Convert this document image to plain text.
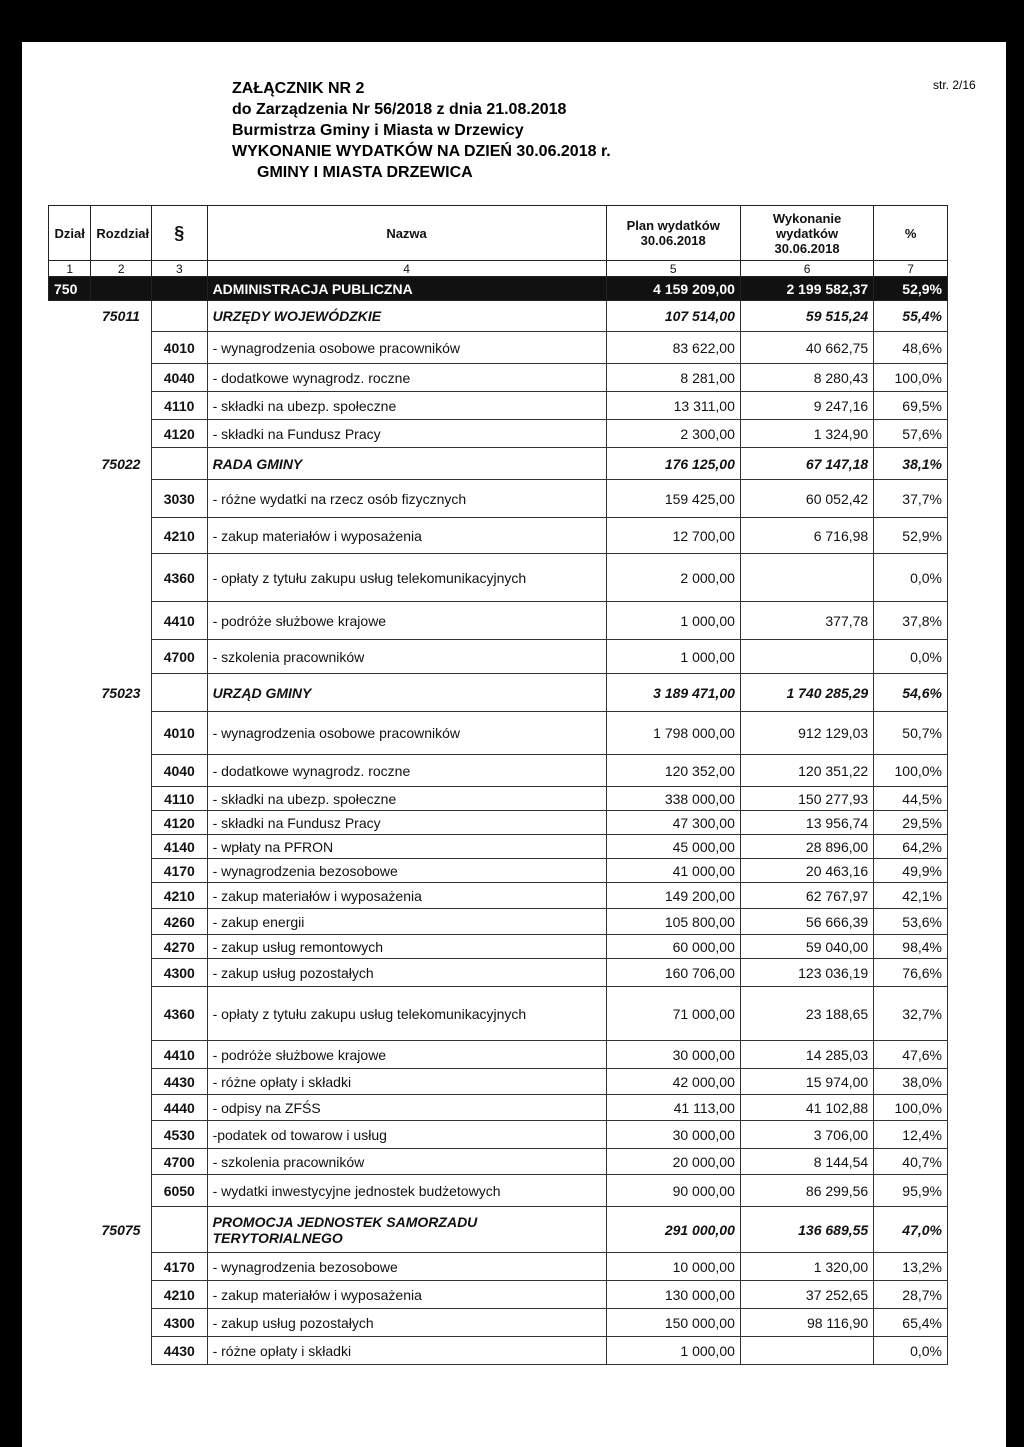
ZAŁĄCZNIK NR 2
do Zarządzenia Nr 56/2018 z dnia 21.08.2018
Burmistrza Gminy i Miasta w Drzewicy
WYKONANIE WYDATKÓW NA DZIEŃ 30.06.2018 r.
GMINY I MIASTA DRZEWICA
str. 2/16
Dział	Rozdział	§	Nazwa	Plan wydatków 30.06.2018	Wykonanie wydatków 30.06.2018	%
1	2	3	4	5	6	7
750			ADMINISTRACJA PUBLICZNA	4 159 209,00	2 199 582,37	52,9%
	75011		URZĘDY WOJEWÓDZKIE	107 514,00	59 515,24	55,4%
		4010	- wynagrodzenia osobowe pracowników	83 622,00	40 662,75	48,6%
		4040	- dodatkowe wynagrodz. roczne	8 281,00	8 280,43	100,0%
		4110	- składki na ubezp. społeczne	13 311,00	9 247,16	69,5%
		4120	- składki na Fundusz Pracy	2 300,00	1 324,90	57,6%
	75022		RADA GMINY	176 125,00	67 147,18	38,1%
		3030	- różne wydatki na rzecz osób fizycznych	159 425,00	60 052,42	37,7%
		4210	- zakup materiałów i wyposażenia	12 700,00	6 716,98	52,9%
		4360	- opłaty z tytułu zakupu usług telekomunikacyjnych	2 000,00		0,0%
		4410	- podróże służbowe krajowe	1 000,00	377,78	37,8%
		4700	- szkolenia pracowników	1 000,00		0,0%
	75023		URZĄD GMINY	3 189 471,00	1 740 285,29	54,6%
		4010	- wynagrodzenia osobowe pracowników	1 798 000,00	912 129,03	50,7%
		4040	- dodatkowe wynagrodz. roczne	120 352,00	120 351,22	100,0%
		4110	- składki na ubezp. społeczne	338 000,00	150 277,93	44,5%
		4120	- składki na Fundusz Pracy	47 300,00	13 956,74	29,5%
		4140	- wpłaty na PFRON	45 000,00	28 896,00	64,2%
		4170	- wynagrodzenia bezosobowe	41 000,00	20 463,16	49,9%
		4210	- zakup materiałów i wyposażenia	149 200,00	62 767,97	42,1%
		4260	- zakup energii	105 800,00	56 666,39	53,6%
		4270	- zakup usług remontowych	60 000,00	59 040,00	98,4%
		4300	- zakup usług pozostałych	160 706,00	123 036,19	76,6%
		4360	- opłaty z tytułu zakupu usług telekomunikacyjnych	71 000,00	23 188,65	32,7%
		4410	- podróże służbowe krajowe	30 000,00	14 285,03	47,6%
		4430	- różne opłaty i składki	42 000,00	15 974,00	38,0%
		4440	- odpisy na ZFŚS	41 113,00	41 102,88	100,0%
		4530	-podatek od towarow i usług	30 000,00	3 706,00	12,4%
		4700	- szkolenia pracowników	20 000,00	8 144,54	40,7%
		6050	- wydatki inwestycyjne jednostek budżetowych	90 000,00	86 299,56	95,9%
	75075		PROMOCJA JEDNOSTEK SAMORZADU TERYTORIALNEGO	291 000,00	136 689,55	47,0%
		4170	- wynagrodzenia bezosobowe	10 000,00	1 320,00	13,2%
		4210	- zakup materiałów i wyposażenia	130 000,00	37 252,65	28,7%
		4300	- zakup usług pozostałych	150 000,00	98 116,90	65,4%
		4430	- różne opłaty i składki	1 000,00		0,0%
